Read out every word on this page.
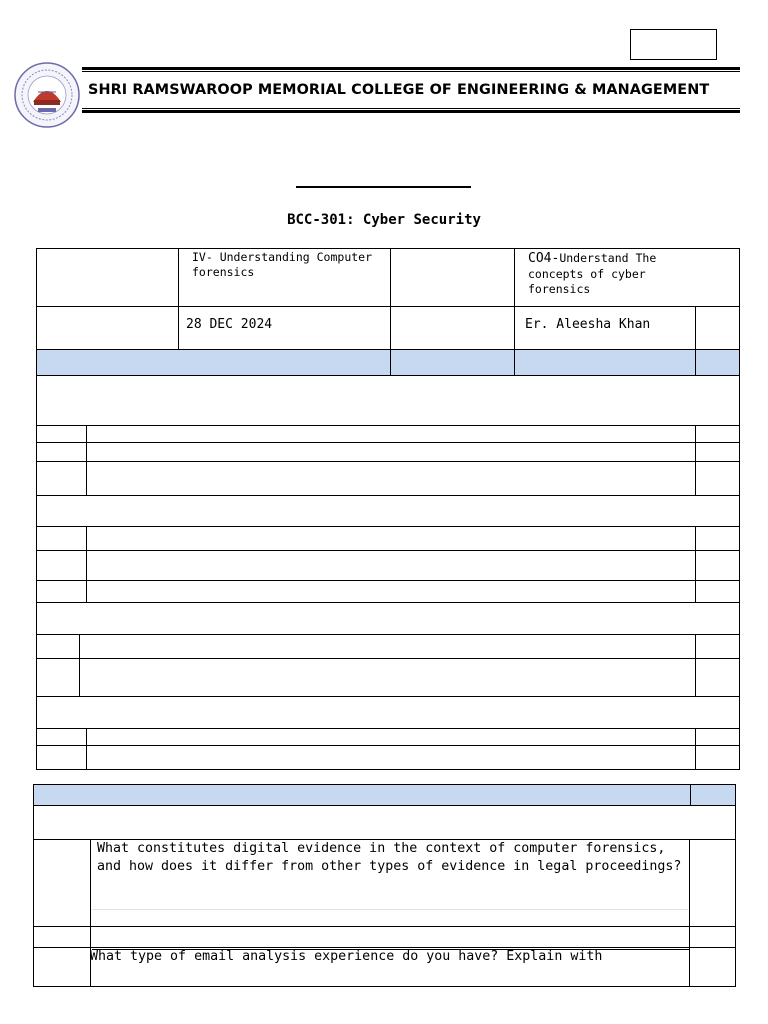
SHRI RAMSWAROOP MEMORIAL COLLEGE OF ENGINEERING & MANAGEMENT
BCC-301: Cyber Security
IV- Understanding Computer forensics
CO4-Understand The concepts of cyber forensics
28 DEC 2024	Er. Aleesha Khan
What constitutes digital evidence in the context of computer forensics, and how does it differ from other types of evidence in legal proceedings?
What type of email analysis experience do you have? Explain with
